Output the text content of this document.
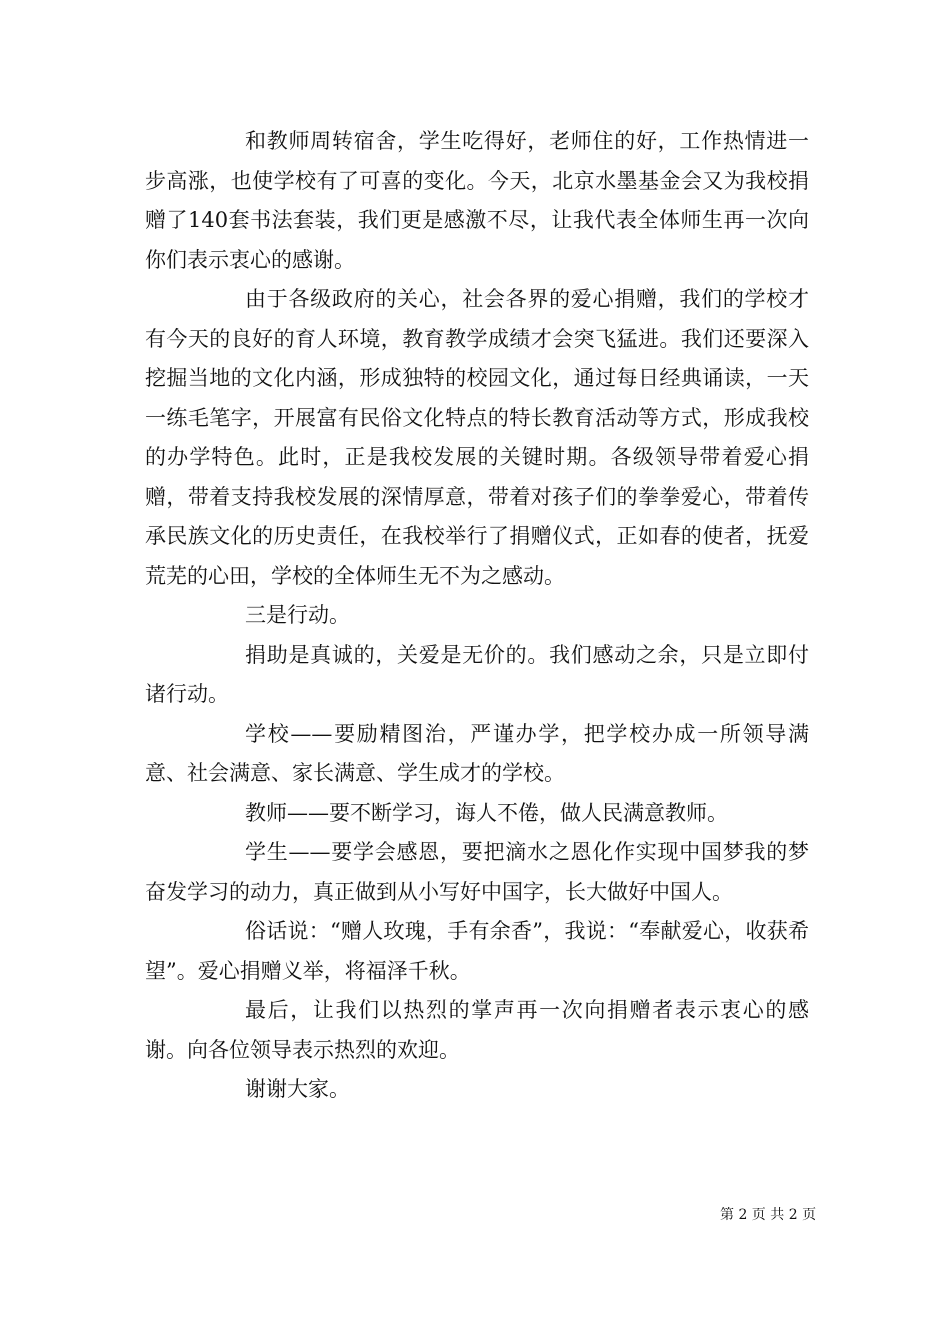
和教师周转宿舍，学生吃得好，老师住的好，工作热情进一步高涨，也使学校有了可喜的变化。今天，北京水墨基金会又为我校捐赠了140套书法套装，我们更是感激不尽，让我代表全体师生再一次向你们表示衷心的感谢。

由于各级政府的关心，社会各界的爱心捐赠，我们的学校才有今天的良好的育人环境，教育教学成绩才会突飞猛进。我们还要深入挖掘当地的文化内涵，形成独特的校园文化，通过每日经典诵读，一天一练毛笔字，开展富有民俗文化特点的特长教育活动等方式，形成我校的办学特色。此时，正是我校发展的关键时期。各级领导带着爱心捐赠，带着支持我校发展的深情厚意，带着对孩子们的拳拳爱心，带着传承民族文化的历史责任，在我校举行了捐赠仪式，正如春的使者，抚爱荒芜的心田，学校的全体师生无不为之感动。

三是行动。

捐助是真诚的，关爱是无价的。我们感动之余，只是立即付诸行动。

学校——要励精图治，严谨办学，把学校办成一所领导满意、社会满意、家长满意、学生成才的学校。

教师——要不断学习，诲人不倦，做人民满意教师。

学生——要学会感恩，要把滴水之恩化作实现中国梦我的梦奋发学习的动力，真正做到从小写好中国字，长大做好中国人。

俗话说：“赠人玫瑰，手有余香”，我说：“奉献爱心，收获希望”。爱心捐赠义举，将福泽千秋。

最后，让我们以热烈的掌声再一次向捐赠者表示衷心的感谢。向各位领导表示热烈的欢迎。

谢谢大家。

第 2 页 共 2 页
